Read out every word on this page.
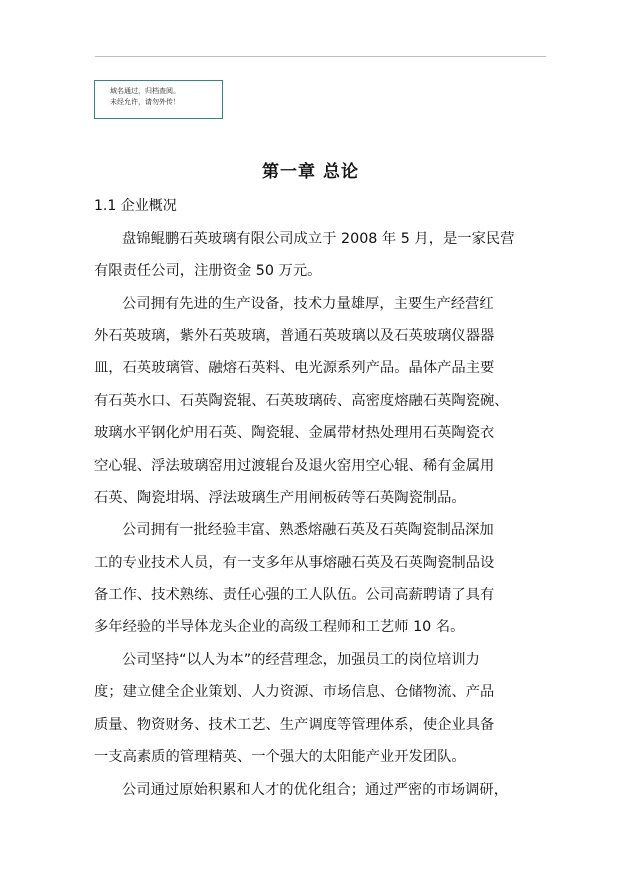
域名通过，归档查阅。
未经允许，请勿外传！
第一章 总论
1.1 企业概况
盘锦鲲鹏石英玻璃有限公司成立于 2008 年 5 月，是一家民营
有限责任公司，注册资金 50 万元。
公司拥有先进的生产设备，技术力量雄厚，主要生产经营红
外石英玻璃，紫外石英玻璃，普通石英玻璃以及石英玻璃仪器器
皿，石英玻璃管、融熔石英料、电光源系列产品。晶体产品主要
有石英水口、石英陶瓷辊、石英玻璃砖、高密度熔融石英陶瓷碗、
玻璃水平钢化炉用石英、陶瓷辊、金属带材热处理用石英陶瓷衣
空心辊、浮法玻璃窑用过渡辊台及退火窑用空心辊、稀有金属用
石英、陶瓷坩埚、浮法玻璃生产用闸板砖等石英陶瓷制品。
公司拥有一批经验丰富、熟悉熔融石英及石英陶瓷制品深加
工的专业技术人员，有一支多年从事熔融石英及石英陶瓷制品设
备工作、技术熟练、责任心强的工人队伍。公司高薪聘请了具有
多年经验的半导体龙头企业的高级工程师和工艺师 10 名。
公司坚持“以人为本”的经营理念，加强员工的岗位培训力
度；建立健全企业策划、人力资源、市场信息、仓储物流、产品
质量、物资财务、技术工艺、生产调度等管理体系，使企业具备
一支高素质的管理精英、一个强大的太阳能产业开发团队。
公司通过原始积累和人才的优化组合；通过严密的市场调研，
